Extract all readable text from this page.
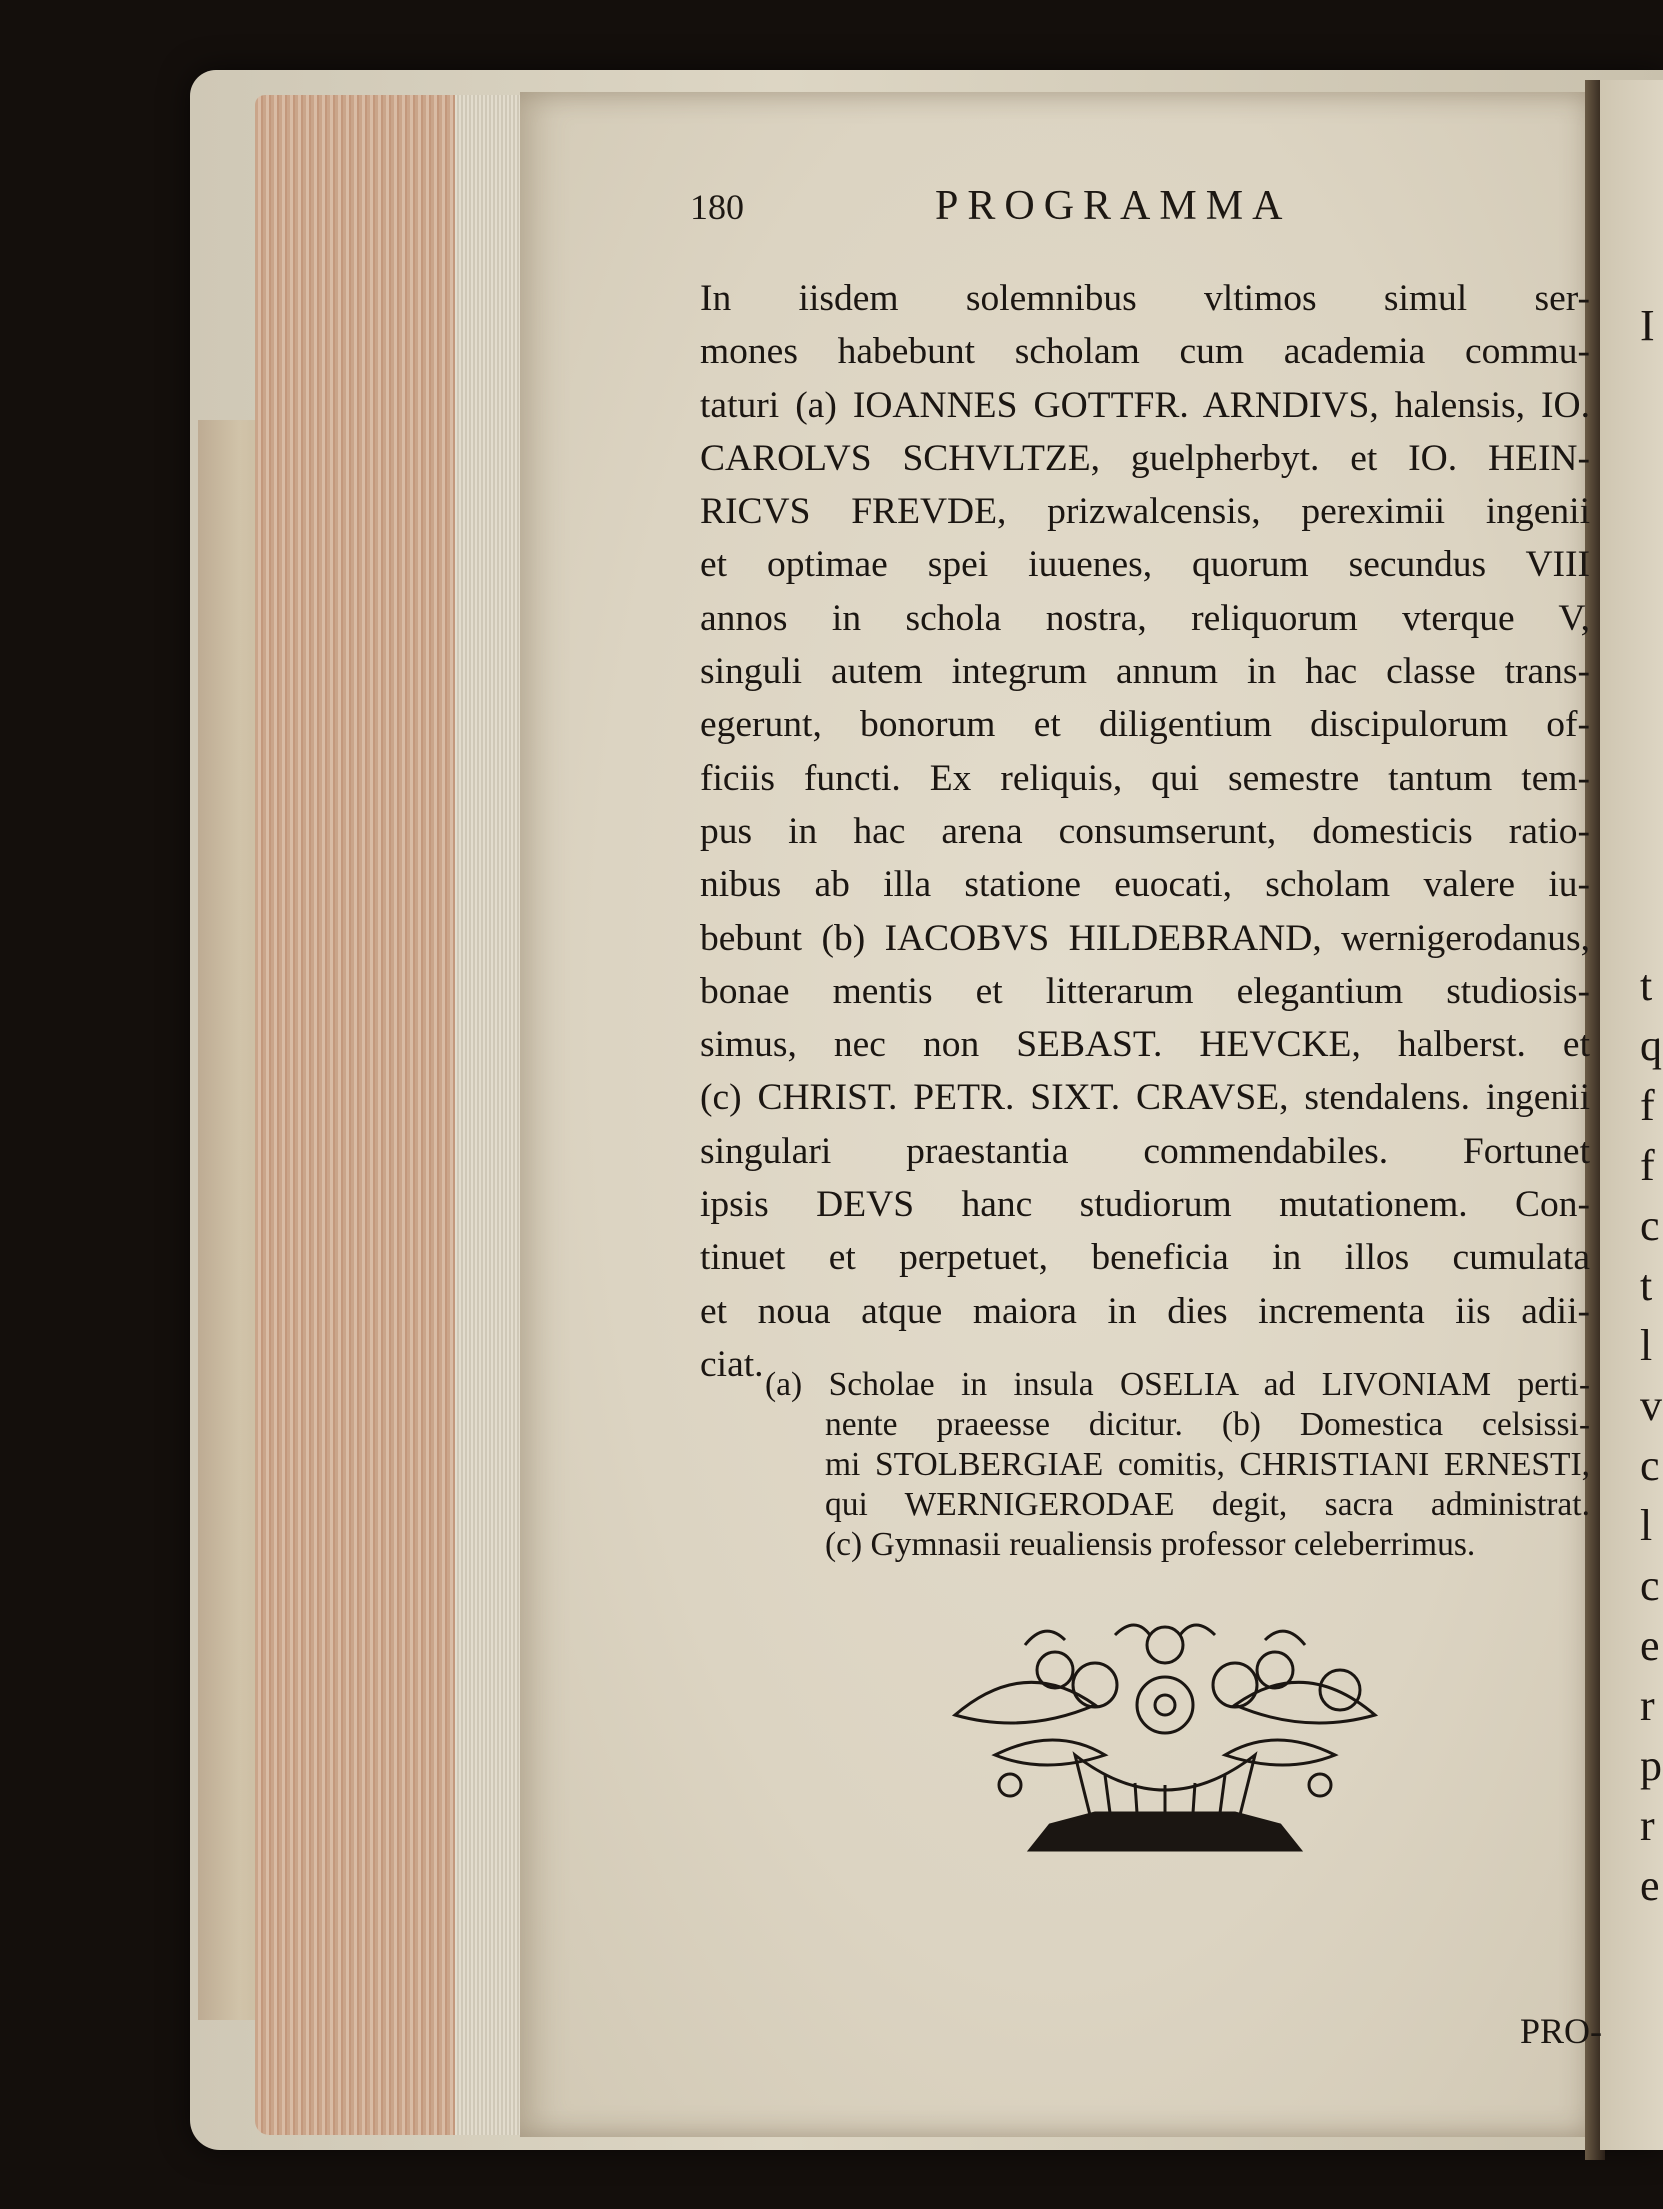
I
t
q
f
f
c
t
l
v
c
l
c
e
r
p
r
e
180	PROGRAMMA
In iisdem solemnibus vltimos simul ser-
mones habebunt scholam cum academia commu-
taturi (a) IOANNES GOTTFR. ARNDIVS, halensis, IO.
CAROLVS SCHVLTZE, guelpherbyt. et IO. HEIN-
RICVS FREVDE, prizwalcensis, pereximii ingenii
et optimae spei iuuenes, quorum secundus VIII
annos in schola nostra, reliquorum vterque V,
singuli autem integrum annum in hac classe trans-
egerunt, bonorum et diligentium discipulorum of-
ficiis functi. Ex reliquis, qui semestre tantum tem-
pus in hac arena consumserunt, domesticis ratio-
nibus ab illa statione euocati, scholam valere iu-
bebunt (b) IACOBVS HILDEBRAND, wernigerodanus,
bonae mentis et litterarum elegantium studiosis-
simus, nec non SEBAST. HEVCKE, halberst. et
(c) CHRIST. PETR. SIXT. CRAVSE, stendalens. ingenii
singulari praestantia commendabiles. Fortunet
ipsis DEVS hanc studiorum mutationem. Con-
tinuet et perpetuet, beneficia in illos cumulata
et noua atque maiora in dies incrementa iis adii-
ciat. (a) Scholae in insula OSELIA ad LIVONIAM perti-
nente praeesse dicitur. (b) Domestica celsissi-
mi STOLBERGIAE comitis, CHRISTIANI ERNESTI,
qui WERNIGERODAE degit, sacra administrat.
(c) Gymnasii reualiensis professor celeberrimus.
PRO-
